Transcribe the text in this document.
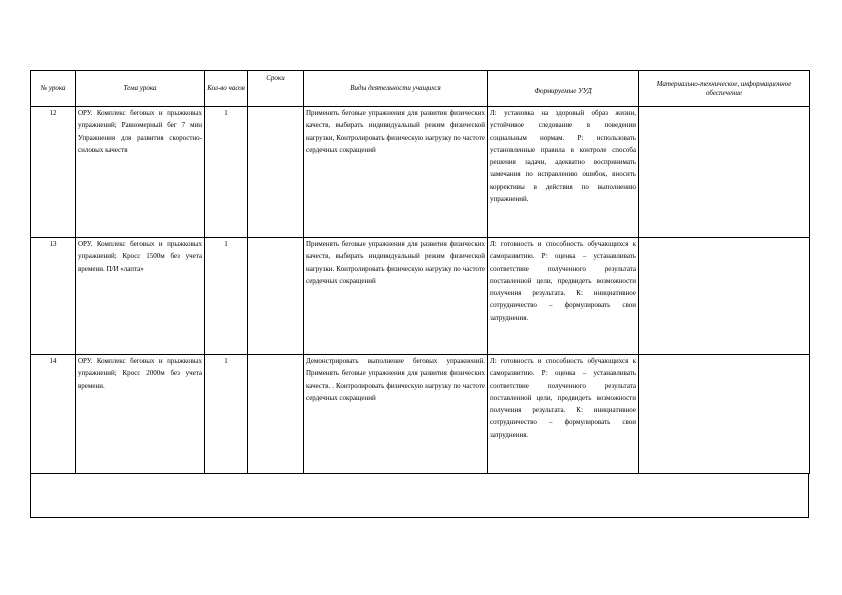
№ урока	Тема урока	Кол-во часов	Сроки	Виды деятельности учащихся	Формируемые УУД	Материально-техническое, информационное обеспечение
12	ОРУ. Комплекс беговых и прыжковых упражнений; Равномерный бег 7 мин Упражнения для развития скоростно-силовых качеств	1		Применять беговые упражнения для развития физических качеств, выбирать индивидуальный режим физической нагрузки, Контролировать физическую нагрузку по частоте сердечных сокращений	Л: установка на здоровый образ жизни, устойчивое следование в поведении социальным нормам. Р: использовать установленные правила в контроле способа решения задачи, адекватно воспринимать замечания по исправлению ошибок, вносить коррективы в действия по выполнению упражнений.	
13	ОРУ. Комплекс беговых и прыжковых упражнений; Кросс 1500м без учета времени. П/И «лапта»	1		Применять беговые упражнения для развития физических качеств, выбирать индивидуальный режим физической нагрузки. Контролировать физическую нагрузку по частоте сердечных сокращений	Л: готовность и способность обучающихся к саморазвитию. Р: оценка – устанавливать соответствие полученного результата поставленной цели, предвидеть возможности получения результата. К: инициативное сотрудничество – формулировать свои затруднения.	
14	ОРУ. Комплекс беговых и прыжковых упражнений; Кросс 2000м без учета времени.	1		Демонстрировать выполнение беговых упражнений. Применять беговые упражнения для развития физических качеств. . Контролировать физическую нагрузку по частоте сердечных сокращений	Л: готовность и способность обучающихся к саморазвитию. Р: оценка – устанавливать соответствие полученного результата поставленной цели, предвидеть возможности получения результата. К: инициативное сотрудничество – формулировать свои затруднения.	
